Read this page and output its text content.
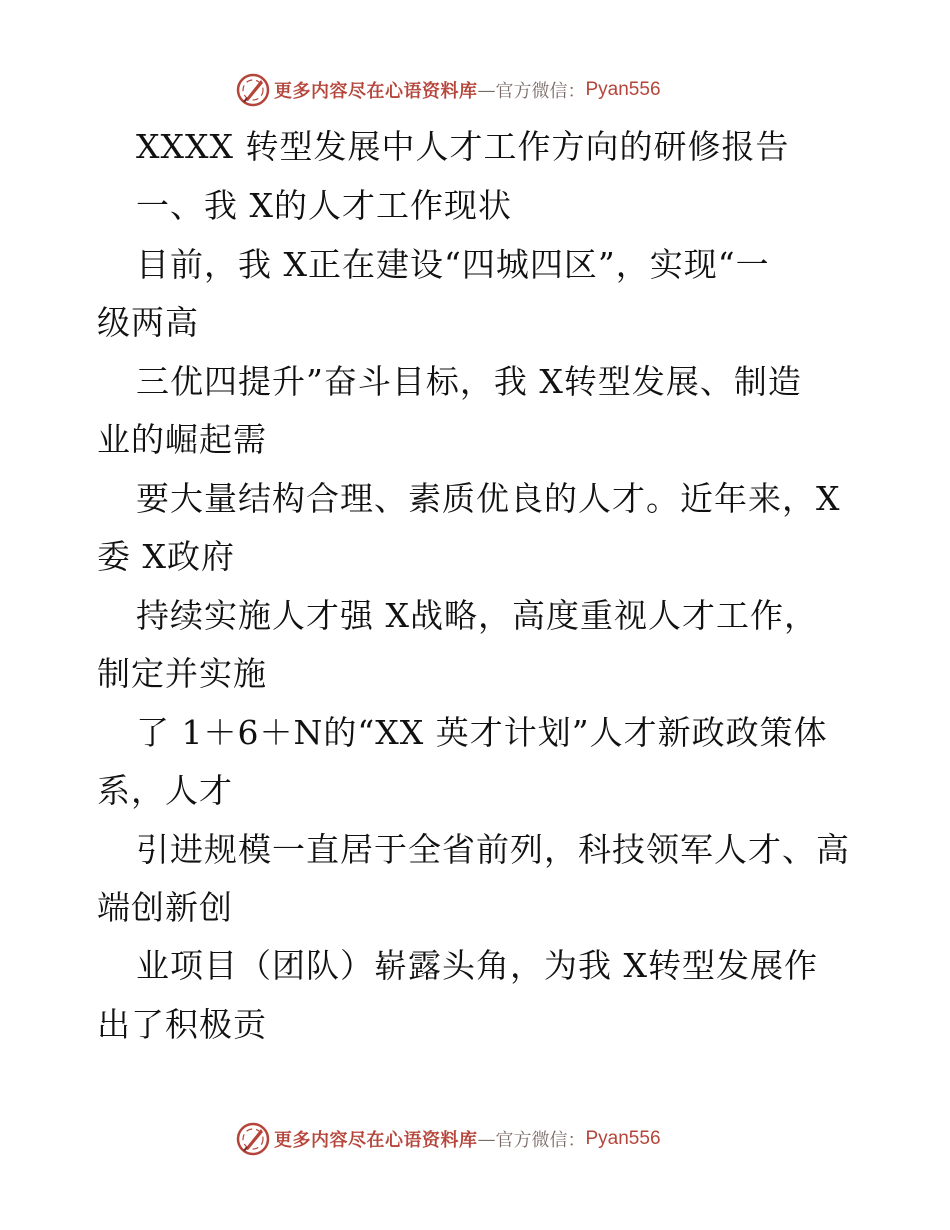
更多内容尽在心语资料库 — 官方微信： Pyan556
XXXX 转型发展中人才工作方向的研修报告
一、我 X的人才工作现状
目前，我 X正在建设“四城四区”，实现“一
级两高
三优四提升”奋斗目标，我 X转型发展、制造
业的崛起需
要大量结构合理、素质优良的人才。近年来，X
委 X政府
持续实施人才强 X战略，高度重视人才工作，
制定并实施
了 1＋6＋N的“XX 英才计划”人才新政政策体
系，人才
引进规模一直居于全省前列，科技领军人才、高
端创新创
业项目（团队）崭露头角，为我 X转型发展作
出了积极贡
更多内容尽在心语资料库 — 官方微信： Pyan556
